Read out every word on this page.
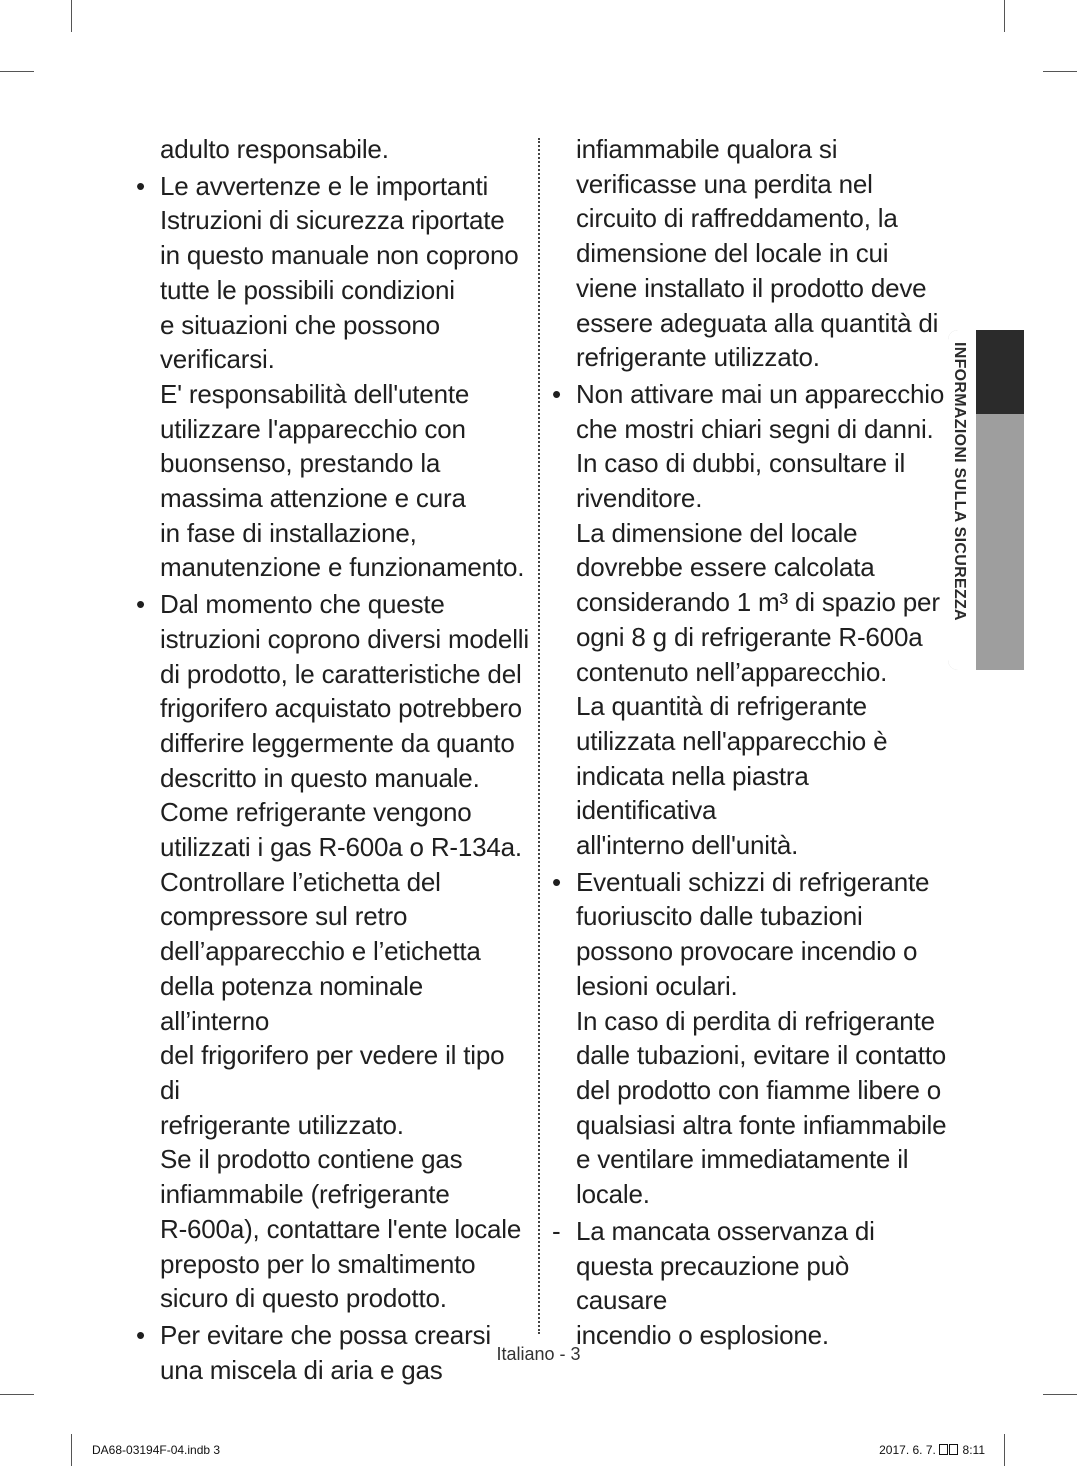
adulto responsabile.

• Le avvertenze e le importanti

Istruzioni di sicurezza riportate

in questo manuale non coprono

tutte le possibili condizioni

e situazioni che possono

verificarsi.

E' responsabilità dell'utente

utilizzare l'apparecchio con

buonsenso, prestando la

massima attenzione e cura

in fase di installazione,

manutenzione e funzionamento.

• Dal momento che queste

istruzioni coprono diversi modelli

di prodotto, le caratteristiche del

frigorifero acquistato potrebbero

differire leggermente da quanto

descritto in questo manuale.

Come refrigerante vengono

utilizzati i gas R-600a o R-134a.

Controllare l’etichetta del

compressore sul retro

dell’apparecchio e l’etichetta

della potenza nominale all’interno

del frigorifero per vedere il tipo di

refrigerante utilizzato.

Se il prodotto contiene gas

infiammabile (refrigerante

R-600a), contattare l'ente locale

preposto per lo smaltimento

sicuro di questo prodotto.

• Per evitare che possa crearsi

una miscela di aria e gas

infiammabile qualora si

verificasse una perdita nel

circuito di raffreddamento, la

dimensione del locale in cui

viene installato il prodotto deve

essere adeguata alla quantità di

refrigerante utilizzato.

• Non attivare mai un apparecchio

che mostri chiari segni di danni.

In caso di dubbi, consultare il

rivenditore.

La dimensione del locale

dovrebbe essere calcolata

considerando 1 m³ di spazio per

ogni 8 g di refrigerante R-600a

contenuto nell’apparecchio.

La quantità di refrigerante

utilizzata nell'apparecchio è

indicata nella piastra identificativa

all'interno dell'unità.

• Eventuali schizzi di refrigerante

fuoriuscito dalle tubazioni

possono provocare incendio o

lesioni oculari.

In caso di perdita di refrigerante

dalle tubazioni, evitare il contatto

del prodotto con fiamme libere o

qualsiasi altra fonte infiammabile

e ventilare immediatamente il

locale.

- La mancata osservanza di

questa precauzione può causare

incendio o esplosione.

INFORMAZIONI SULLA SICUREZZA
Italiano - 3
DA68-03194F-04.indb 3	2017. 6. 7. 8:11
